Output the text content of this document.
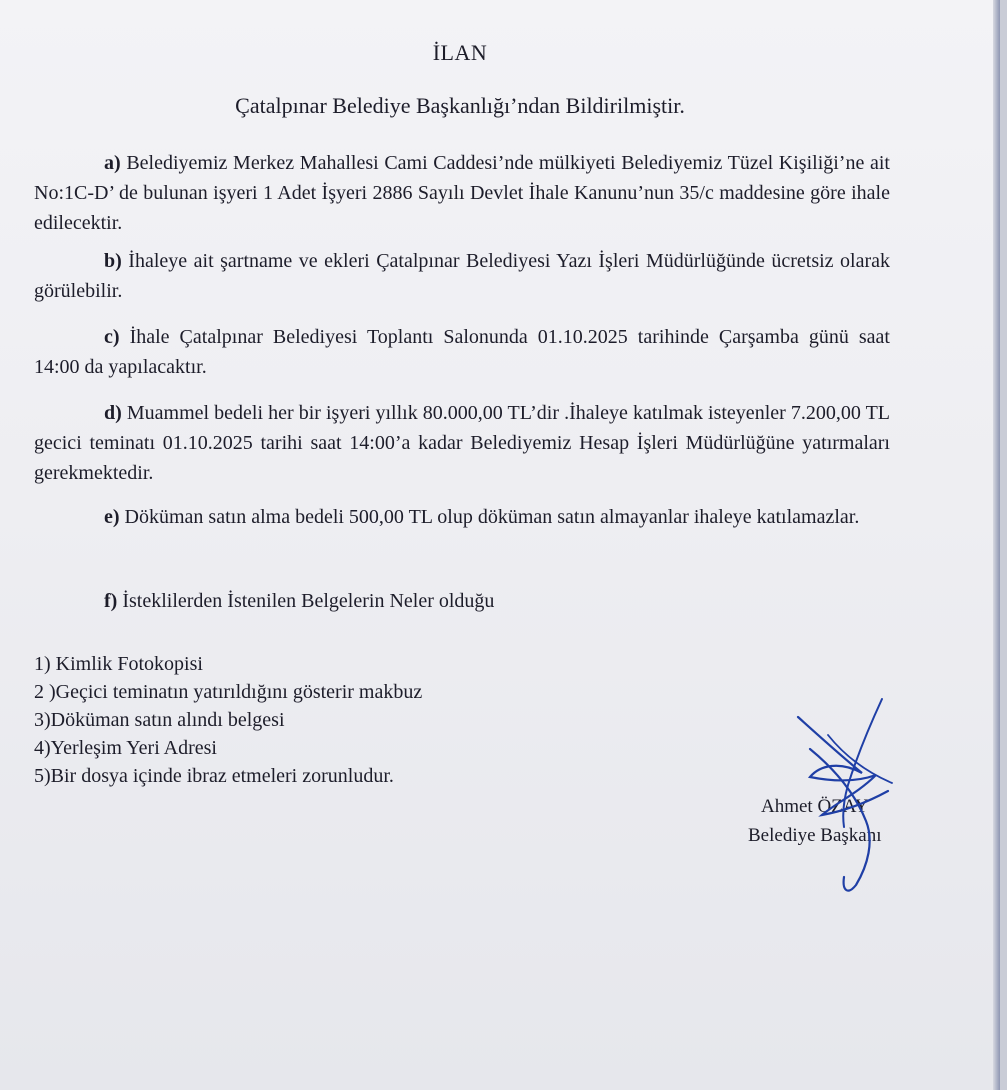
İLAN
Çatalpınar Belediye Başkanlığı’ndan Bildirilmiştir.
a) Belediyemiz Merkez Mahallesi Cami Caddesi’nde mülkiyeti Belediyemiz Tüzel Kişiliği’ne ait No:1C-D’ de bulunan işyeri 1 Adet İşyeri 2886 Sayılı Devlet İhale Kanunu’nun 35/c maddesine göre ihale edilecektir.
b) İhaleye ait şartname ve ekleri Çatalpınar Belediyesi Yazı İşleri Müdürlüğünde ücretsiz olarak görülebilir.
c) İhale Çatalpınar Belediyesi Toplantı Salonunda 01.10.2025 tarihinde Çarşamba günü saat 14:00 da yapılacaktır.
d) Muammel bedeli her bir işyeri yıllık 80.000,00 TL’dir .İhaleye katılmak isteyenler 7.200,00 TL gecici teminatı 01.10.2025 tarihi saat 14:00’a kadar Belediyemiz Hesap İşleri Müdürlüğüne yatırmaları gerekmektedir.
e) Döküman satın alma bedeli 500,00 TL olup döküman satın almayanlar ihaleye katılamazlar.
f) İsteklilerden İstenilen Belgelerin Neler olduğu
1) Kimlik Fotokopisi
2 )Geçici teminatın yatırıldığını gösterir makbuz
3)Döküman satın alındı belgesi
4)Yerleşim Yeri Adresi
5)Bir dosya içinde ibraz etmeleri zorunludur.
Ahmet ÖZAY
Belediye Başkanı
